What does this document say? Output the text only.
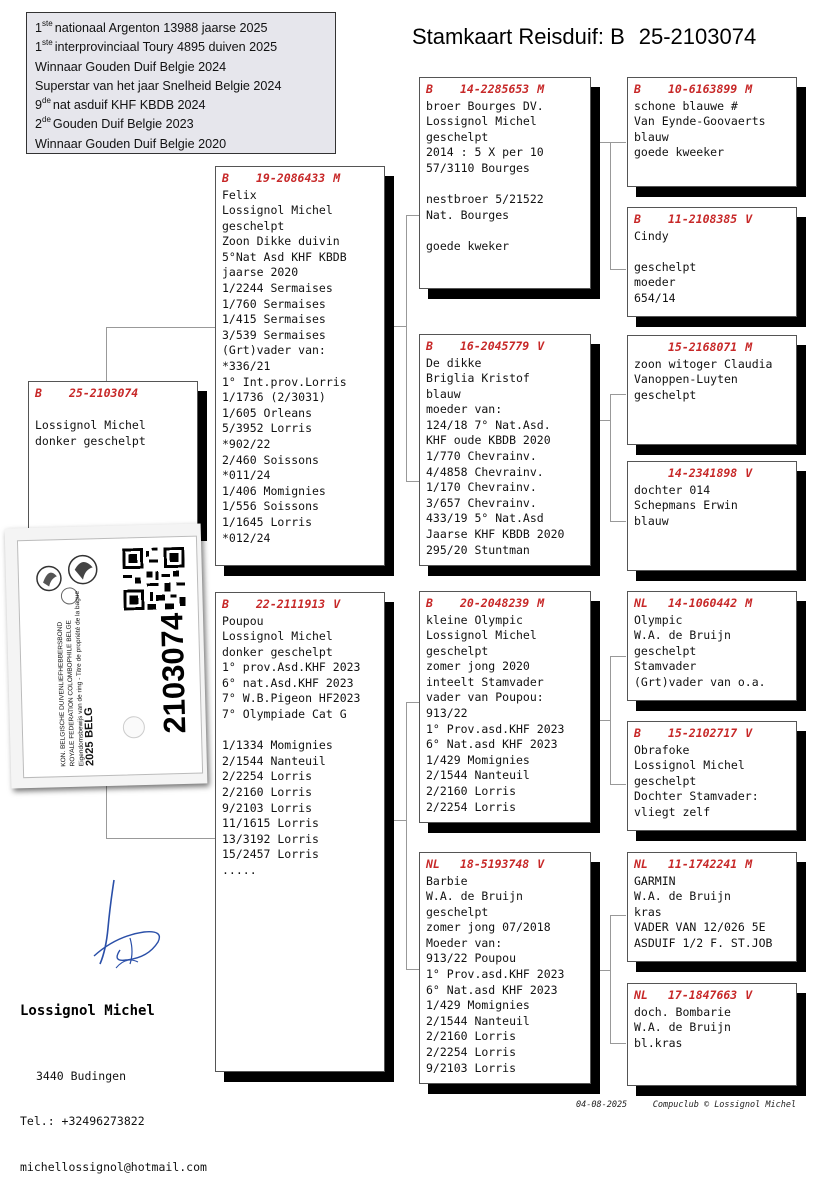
1ste nationaal Argenton 13988 jaarse 2025
1ste interprovinciaal Toury 4895 duiven 2025
Winnaar Gouden Duif Belgie 2024
Superstar van het jaar Snelheid Belgie 2024
9de nat asduif KHF KBDB 2024
2de Gouden Duif Belgie 2023
Winnaar Gouden Duif Belgie 2020
Stamkaart Reisduif: B 25-2103074
B 25-2103074
Lossignol Michel
donker geschelpt
B 19-2086433 M
Felix
Lossignol Michel
geschelpt
Zoon Dikke duivin
5°Nat Asd KHF KBDB
jaarse 2020
1/2244 Sermaises
1/760 Sermaises
1/415 Sermaises
3/539 Sermaises
(Grt)vader van:
*336/21
1° Int.prov.Lorris
1/1736 (2/3031)
1/605 Orleans
5/3952 Lorris
*902/22
2/460 Soissons
*011/24
1/406 Momignies
1/556 Soissons
1/1645 Lorris
*012/24
B 22-2111913 V
Poupou
Lossignol Michel
donker geschelpt
1° prov.Asd.KHF 2023
6° nat.Asd.KHF 2023
7° W.B.Pigeon HF2023
7° Olympiade Cat G
1/1334 Momignies
2/1544 Nanteuil
2/2254 Lorris
2/2160 Lorris
9/2103 Lorris
11/1615 Lorris
13/3192 Lorris
15/2457 Lorris
.....
B 14-2285653 M
broer Bourges DV.
Lossignol Michel
geschelpt
2014 : 5 X per 10
57/3110 Bourges
nestbroer 5/21522
Nat. Bourges
goede kweker
B 16-2045779 V
De dikke
Briglia Kristof
blauw
moeder van:
124/18 7° Nat.Asd.
KHF oude KBDB 2020
1/770 Chevrainv.
4/4858 Chevrainv.
1/170 Chevrainv.
3/657 Chevrainv.
433/19 5° Nat.Asd
Jaarse KHF KBDB 2020
295/20 Stuntman
B 20-2048239 M
kleine Olympic
Lossignol Michel
geschelpt
zomer jong 2020
inteelt Stamvader
vader van Poupou:
913/22
1° Prov.asd.KHF 2023
6° Nat.asd KHF 2023
1/429 Momignies
2/1544 Nanteuil
2/2160 Lorris
2/2254 Lorris
NL 18-5193748 V
Barbie
W.A. de Bruijn
geschelpt
zomer jong 07/2018
Moeder van:
913/22 Poupou
1° Prov.asd.KHF 2023
6° Nat.asd KHF 2023
1/429 Momignies
2/1544 Nanteuil
2/2160 Lorris
2/2254 Lorris
9/2103 Lorris
B 10-6163899 M
schone blauwe #
Van Eynde-Goovaerts
blauw
goede kweeker
B 11-2108385 V
Cindy
geschelpt
moeder
654/14
15-2168071 M
zoon witoger Claudia
Vanoppen-Luyten
geschelpt
14-2341898 V
dochter 014
Schepmans Erwin
blauw
NL 14-1060442 M
Olympic
W.A. de Bruijn
geschelpt
Stamvader
(Grt)vader van o.a.
B 15-2102717 V
Obrafoke
Lossignol Michel
geschelpt
Dochter Stamvader:
vliegt zelf
NL 11-1742241 M
GARMIN
W.A. de Bruijn
kras
VADER VAN 12/026 5E
ASDUIF 1/2 F. ST.JOB
NL 17-1847663 V
doch. Bombarie
W.A. de Bruijn
bl.kras
KON. BELGISCHE DUIVENLIEFHEBBERSBOND
ROYALE FEDERATION COLOMBOPHILE BELGE
Eigendomsbewijs van de ring - Titre de propriété de la bague
2025  BELG 2103074
Lossignol Michel

3440 Budingen

Tel.: +32496273822

michellossignol@hotmail.com

04-08-2025	Compuclub © Lossignol Michel
